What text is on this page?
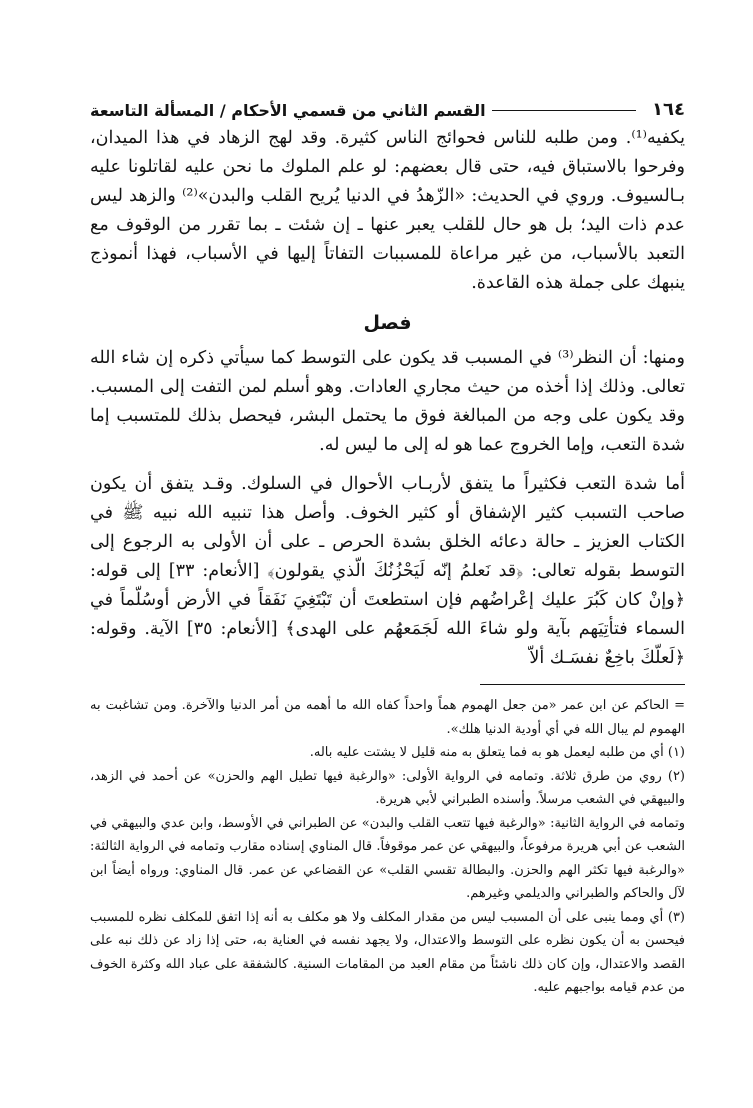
١٦٤
القسم الثاني من قسمي الأحكام / المسألة التاسعة

يكفيه⁽¹⁾. ومن طلبه للناس فحوائج الناس كثيرة. وقد لهج الزهاد في هذا الميدان، وفرحوا بالاستباق فيه، حتى قال بعضهم: لو علم الملوك ما نحن عليه لقاتلونا عليه بـالسيوف. وروي في الحديث: «الزّهدُ في الدنيا يُريح القلب والبدن»⁽²⁾ والزهد ليس عدم ذات اليد؛ بل هو حال للقلب يعبر عنها ـ إن شئت ـ بما تقرر من الوقوف مع التعبد بالأسباب، من غير مراعاة للمسببات التفاتاً إليها في الأسباب، فهذا أنموذج ينبهك على جملة هذه القاعدة.

فصل

ومنها: أن النظر⁽³⁾ في المسبب قد يكون على التوسط كما سيأتي ذكره إن شاء الله تعالى. وذلك إذا أخذه من حيث مجاري العادات. وهو أسلم لمن التفت إلى المسبب. وقد يكون على وجه من المبالغة فوق ما يحتمل البشر، فيحصل بذلك للمتسبب إما شدة التعب، وإما الخروج عما هو له إلى ما ليس له.

أما شدة التعب فكثيراً ما يتفق لأربـاب الأحوال في السلوك. وقـد يتفق أن يكون صاحب التسبب كثير الإشفاق أو كثير الخوف. وأصل هذا تنبيه الله نبيه ﷺ في الكتاب العزيز ـ حالة دعائه الخلق بشدة الحرص ـ على أن الأولى به الرجوع إلى التوسط بقوله تعالى: ﴿قد نَعلمُ إنّه لَيَحْزُنُكَ الّذي يقولون﴾ [الأنعام: ٣٣] إلى قوله: ﴿وإنْ كان كَبُرَ عليك إعْراضُهم فإن استطعتَ أن تَبْتَغِيَ نَفَقاً في الأرض أوسُلّماً في السماء فتأتِيَهم بآية ولو شاءَ الله لَجَمَعهُم على الهدى﴾ [الأنعام: ٣٥] الآية. وقوله: ﴿لَعلّكَ باخِعٌ نفسَـك ألاّ

= الحاكم عن ابن عمر «من جعل الهموم هماً واحداً كفاه الله ما أهمه من أمر الدنيا والآخرة. ومن تشاغبت به الهموم لم يبال الله في أي أودية الدنيا هلك».

(١) أي من طلبه ليعمل هو به فما يتعلق به منه قليل لا يشتت عليه باله.

(٢) روي من طرق ثلاثة. وتمامه في الرواية الأولى: «والرغبة فيها تطيل الهم والحزن» عن أحمد في الزهد، والبيهقي في الشعب مرسلاً. وأسنده الطبراني لأبي هريرة.

وتمامه في الرواية الثانية: «والرغبة فيها تتعب القلب والبدن» عن الطبراني في الأوسط، وابن عدي والبيهقي في الشعب عن أبي هريرة مرفوعاً، والبيهقي عن عمر موقوفاً. قال المناوي إسناده مقارب وتمامه في الرواية الثالثة: «والرغبة فيها تكثر الهم والحزن. والبطالة تقسي القلب» عن القضاعي عن عمر. قال المناوي: ورواه أيضاً ابن لآل والحاكم والطبراني والديلمي وغيرهم.

(٣) أي ومما ينبى على أن المسبب ليس من مقدار المكلف ولا هو مكلف به أنه إذا اتفق للمكلف نظره للمسبب فيحسن به أن يكون نظره على التوسط والاعتدال، ولا يجهد نفسه في العناية به، حتى إذا زاد عن ذلك نبه على القصد والاعتدال، وإن كان ذلك ناشئاً من مقام العبد من المقامات السنية. كالشفقة على عباد الله وكثرة الخوف من عدم قيامه بواجبهم عليه.
